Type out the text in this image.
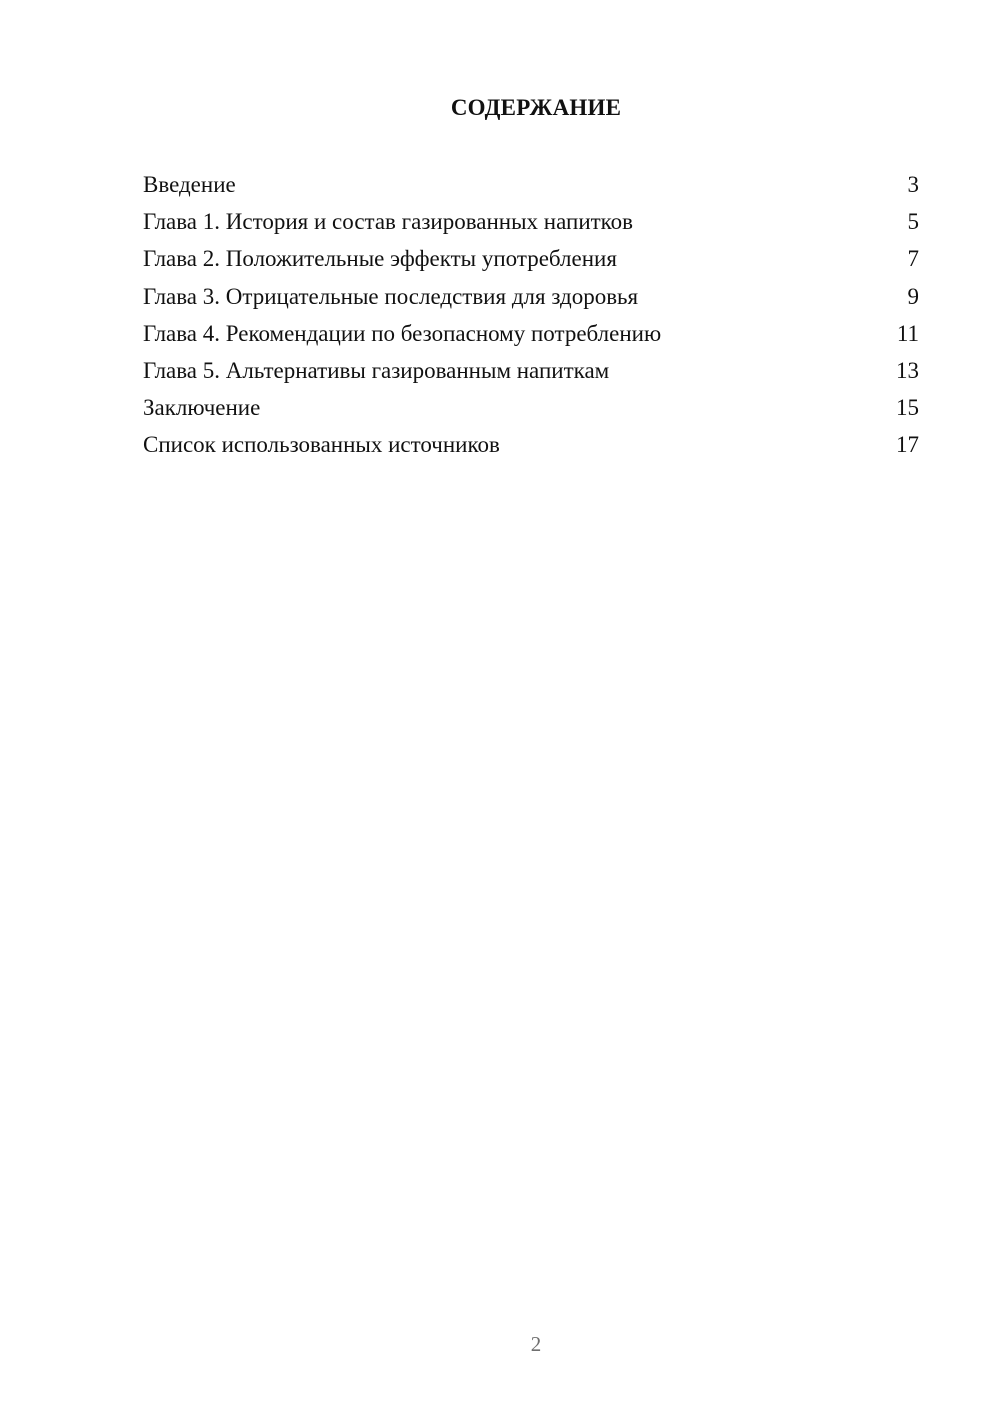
СОДЕРЖАНИЕ
Введение	3
Глава 1. История и состав газированных напитков	5
Глава 2. Положительные эффекты употребления	7
Глава 3. Отрицательные последствия для здоровья	9
Глава 4. Рекомендации по безопасному потреблению	11
Глава 5. Альтернативы газированным напиткам	13
Заключение	15
Список использованных источников	17
2
